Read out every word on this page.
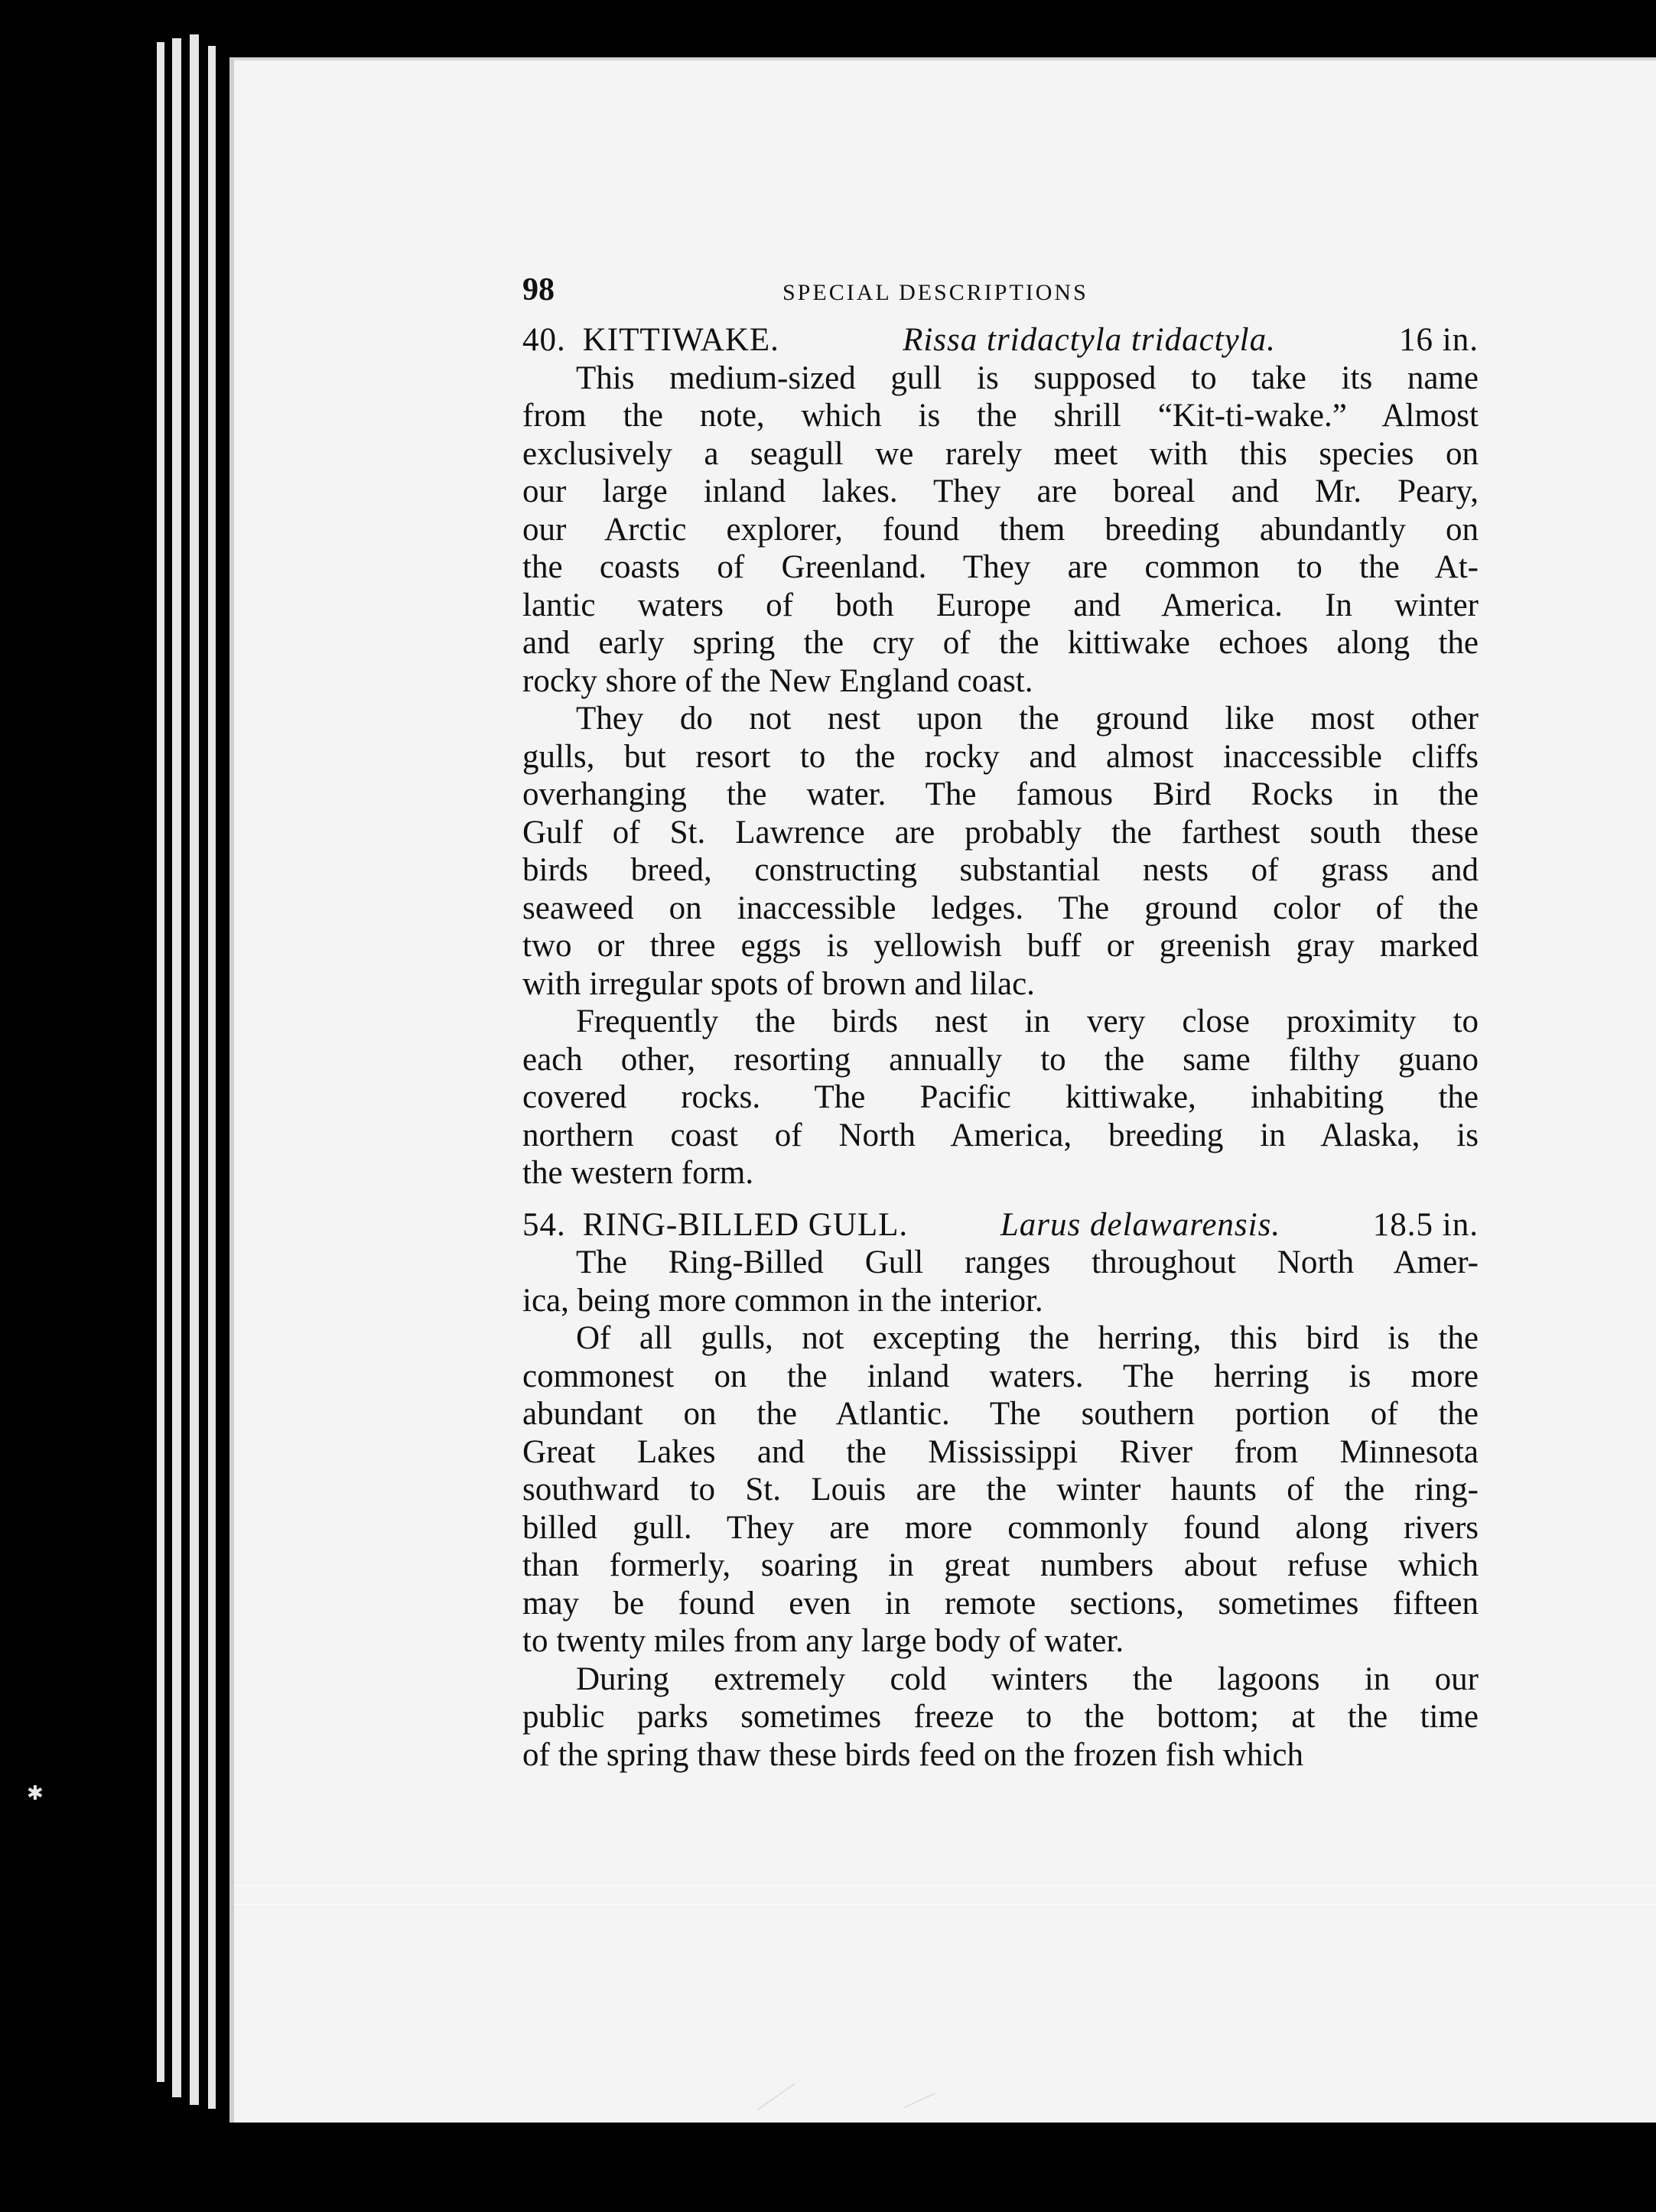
✱
98	SPECIAL DESCRIPTIONS
40. KITTIWAKE.	Rissa tridactyla tridactyla.	16 in.
This medium-sized gull is supposed to take its name
from the note, which is the shrill “Kit-ti-wake.” Almost
exclusively a seagull we rarely meet with this species on
our large inland lakes. They are boreal and Mr. Peary,
our Arctic explorer, found them breeding abundantly on
the coasts of Greenland. They are common to the At-
lantic waters of both Europe and America. In winter
and early spring the cry of the kittiwake echoes along the
rocky shore of the New England coast.
They do not nest upon the ground like most other
gulls, but resort to the rocky and almost inaccessible cliffs
overhanging the water. The famous Bird Rocks in the
Gulf of St. Lawrence are probably the farthest south these
birds breed, constructing substantial nests of grass and
seaweed on inaccessible ledges. The ground color of the
two or three eggs is yellowish buff or greenish gray marked
with irregular spots of brown and lilac.
Frequently the birds nest in very close proximity to
each other, resorting annually to the same filthy guano
covered rocks. The Pacific kittiwake, inhabiting the
northern coast of North America, breeding in Alaska, is
the western form.
54. RING-BILLED GULL.	Larus delawarensis.	18.5 in.
The Ring-Billed Gull ranges throughout North Amer-
ica, being more common in the interior.
Of all gulls, not excepting the herring, this bird is the
commonest on the inland waters. The herring is more
abundant on the Atlantic. The southern portion of the
Great Lakes and the Mississippi River from Minnesota
southward to St. Louis are the winter haunts of the ring-
billed gull. They are more commonly found along rivers
than formerly, soaring in great numbers about refuse which
may be found even in remote sections, sometimes fifteen
to twenty miles from any large body of water.
During extremely cold winters the lagoons in our
public parks sometimes freeze to the bottom; at the time
of the spring thaw these birds feed on the frozen fish which
